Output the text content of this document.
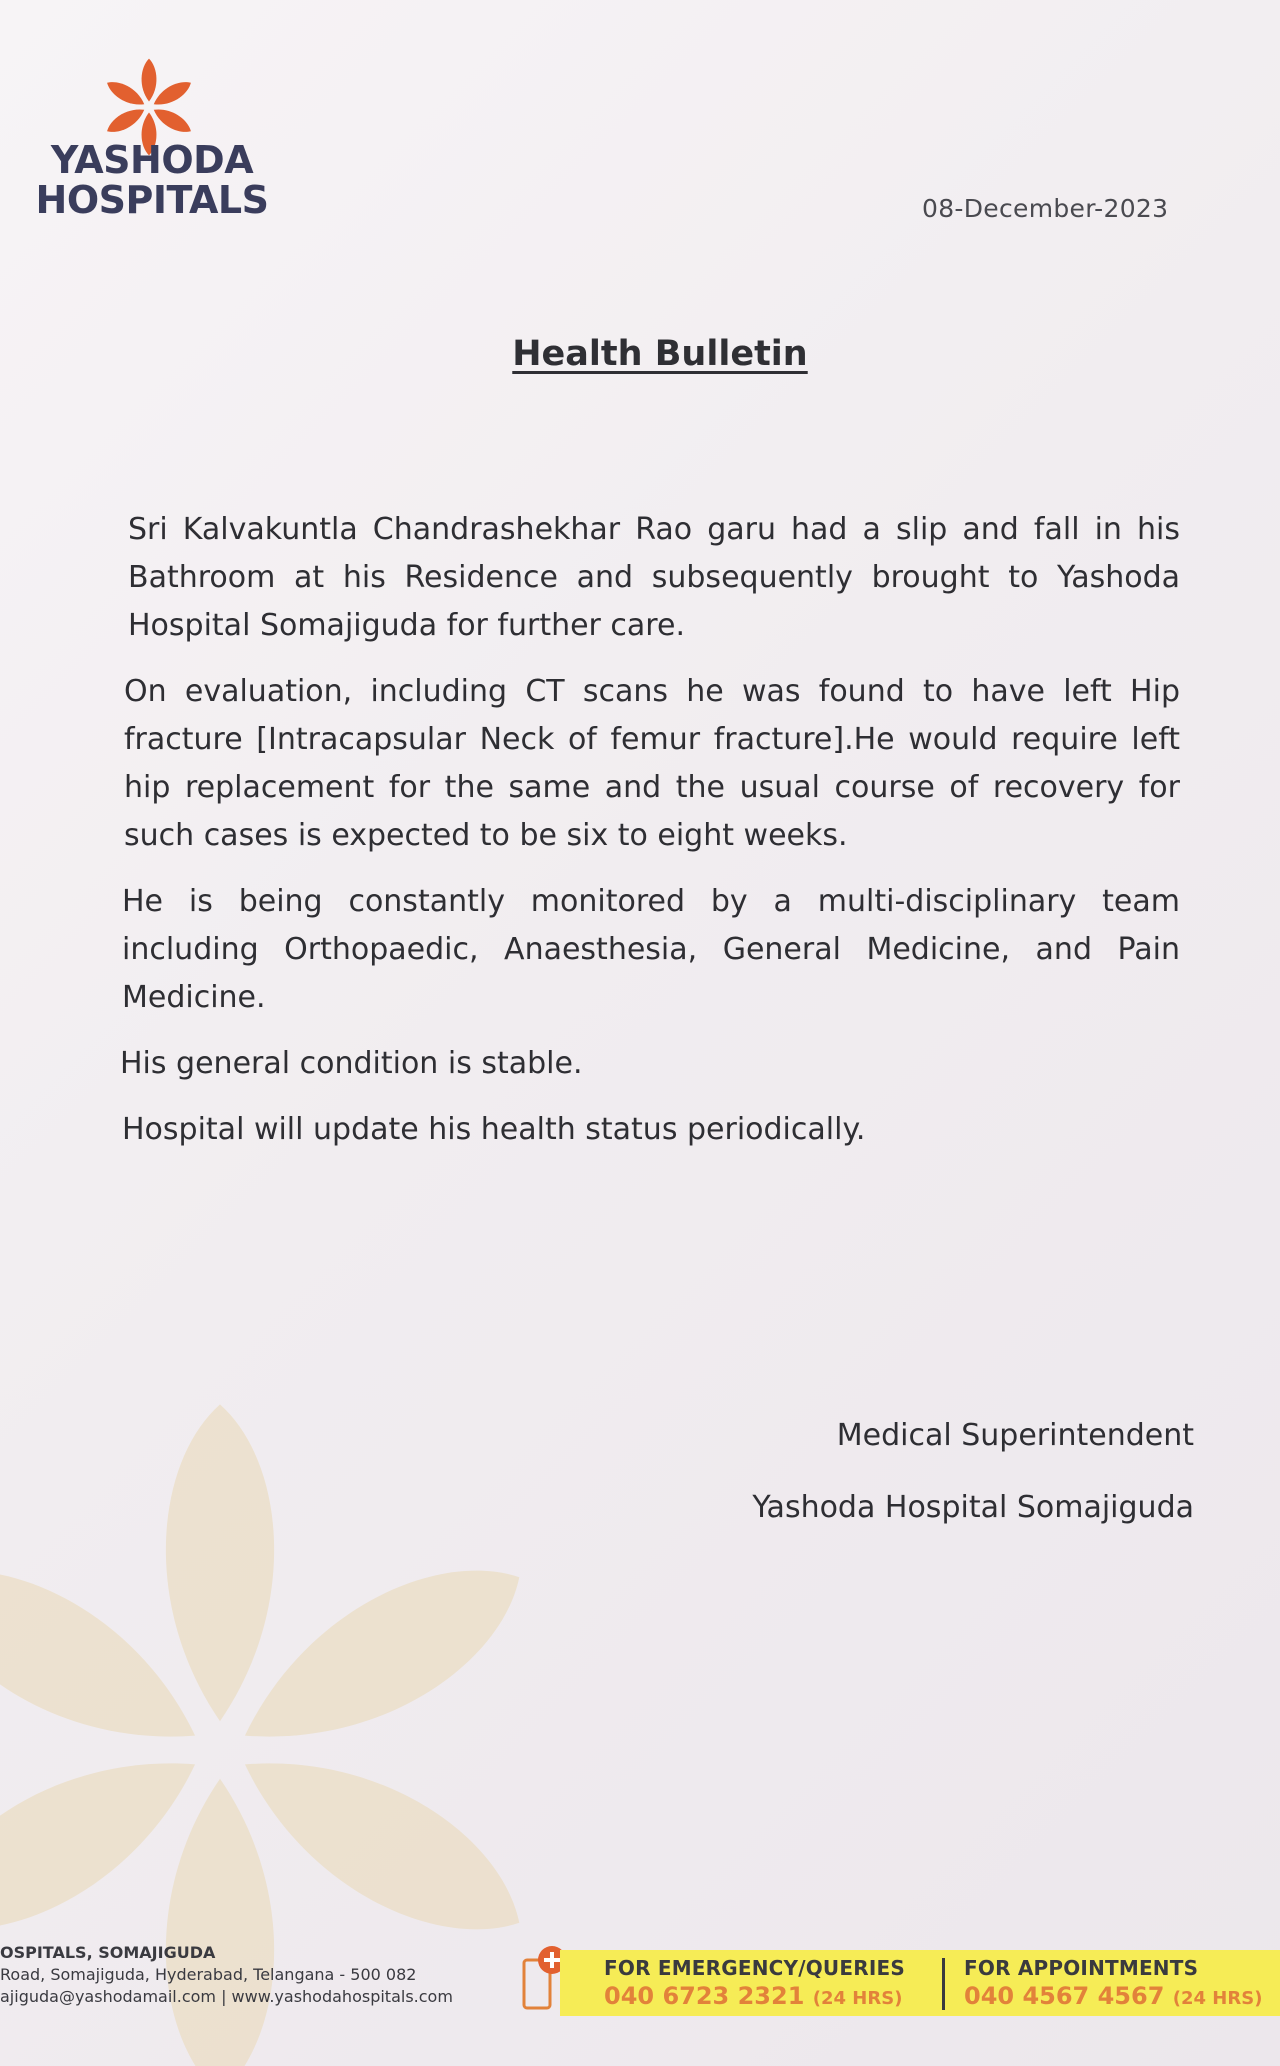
YASHODA
HOSPITALS	08-December-2023
Health Bulletin

Sri Kalvakuntla Chandrashekhar Rao garu had a slip and fall in his Bathroom at his Residence and subsequently brought to Yashoda Hospital Somajiguda for further care.

On evaluation, including CT scans he was found to have left Hip fracture [Intracapsular Neck of femur fracture].He would require left hip replacement for the same and the usual course of recovery for such cases is expected to be six to eight weeks.

He is being constantly monitored by a multi-disciplinary team including Orthopaedic, Anaesthesia, General Medicine, and Pain Medicine.

His general condition is stable.

Hospital will update his health status periodically.

Medical Superintendent
Yashoda Hospital Somajiguda
OSPITALS, SOMAJIGUDA
Road, Somajiguda, Hyderabad, Telangana - 500 082
ajiguda@yashodamail.com | www.yashodahospitals.com
FOR EMERGENCY/QUERIES
040 6723 2321 (24 HRS)
FOR APPOINTMENTS
040 4567 4567 (24 HRS)
